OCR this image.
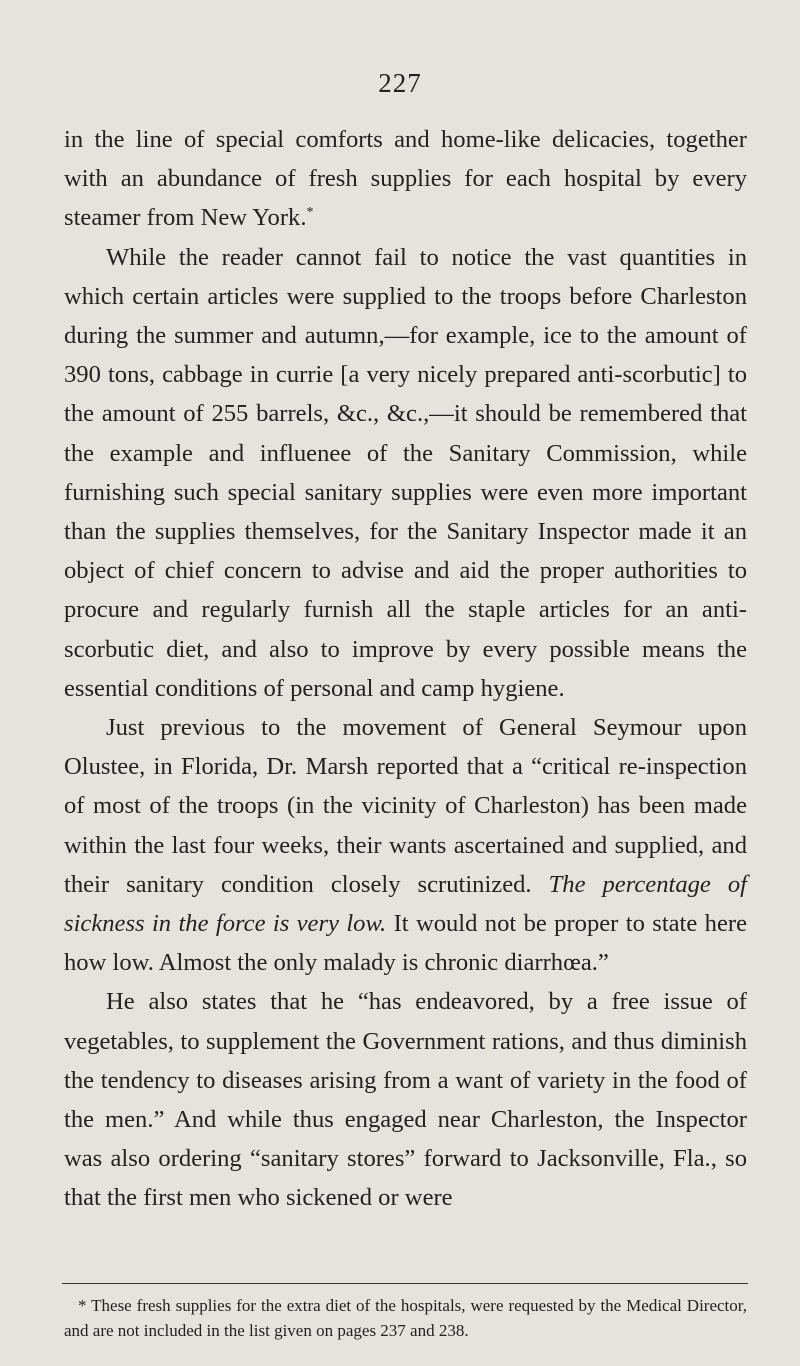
227

in the line of special comforts and home-like delicacies, together with an abundance of fresh supplies for each hospital by every steamer from New York.*

While the reader cannot fail to notice the vast quantities in which certain articles were supplied to the troops before Charleston during the summer and autumn,—for example, ice to the amount of 390 tons, cabbage in currie [a very nicely prepared anti-scorbutic] to the amount of 255 barrels, &c., &c.,—it should be remembered that the example and influenee of the Sanitary Commission, while furnishing such special sanitary supplies were even more important than the supplies themselves, for the Sanitary Inspector made it an object of chief concern to advise and aid the proper authorities to procure and regularly furnish all the staple articles for an anti-scorbutic diet, and also to improve by every possible means the essential conditions of personal and camp hygiene.

Just previous to the movement of General Seymour upon Olustee, in Florida, Dr. Marsh reported that a “critical re-inspection of most of the troops (in the vicinity of Charleston) has been made within the last four weeks, their wants ascertained and supplied, and their sanitary condition closely scrutinized. The percentage of sickness in the force is very low. It would not be proper to state here how low. Almost the only malady is chronic diarrhœa.”

He also states that he “has endeavored, by a free issue of vegetables, to supplement the Government rations, and thus diminish the tendency to diseases arising from a want of variety in the food of the men.” And while thus engaged near Charleston, the Inspector was also ordering “sanitary stores” forward to Jacksonville, Fla., so that the first men who sickened or were

* These fresh supplies for the extra diet of the hospitals, were requested by the Medical Director, and are not included in the list given on pages 237 and 238.
